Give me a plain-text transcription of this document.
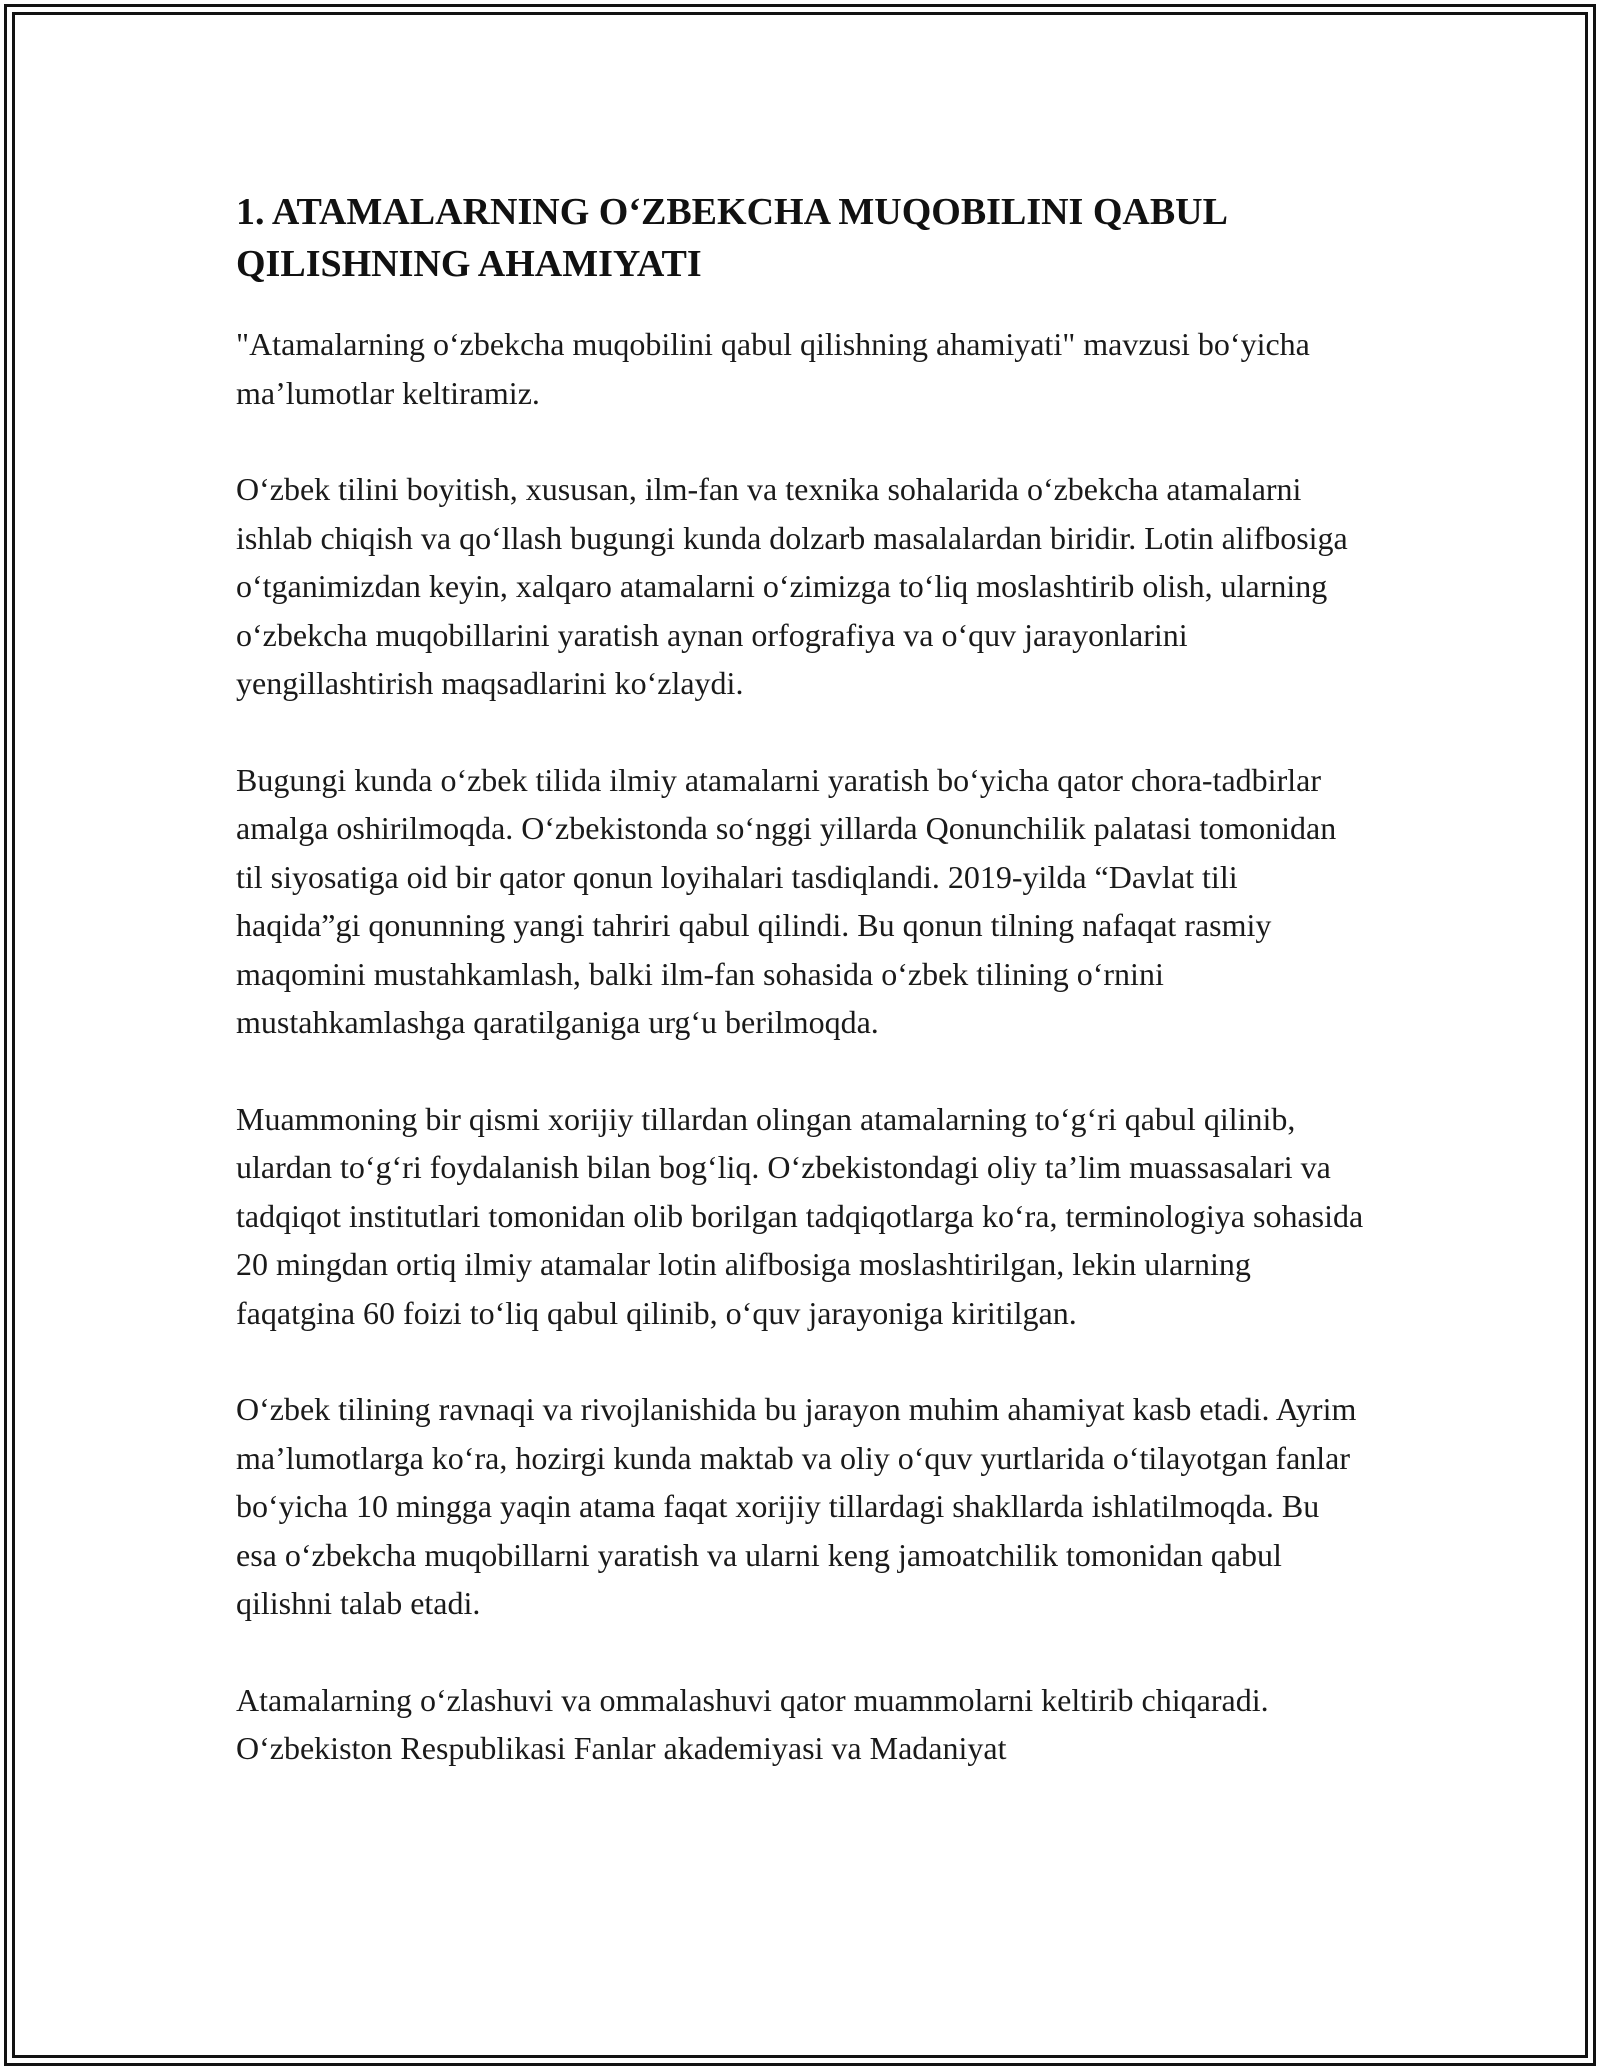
1. ATAMALARNING O‘ZBEKCHA MUQOBILINI QABUL QILISHNING AHAMIYATI

"Atamalarning o‘zbekcha muqobilini qabul qilishning ahamiyati" mavzusi bo‘yicha ma’lumotlar keltiramiz.

O‘zbek tilini boyitish, xususan, ilm-fan va texnika sohalarida o‘zbekcha atamalarni ishlab chiqish va qo‘llash bugungi kunda dolzarb masalalardan biridir. Lotin alifbosiga o‘tganimizdan keyin, xalqaro atamalarni o‘zimizga to‘liq moslashtirib olish, ularning o‘zbekcha muqobillarini yaratish aynan orfografiya va o‘quv jarayonlarini yengillashtirish maqsadlarini ko‘zlaydi.

Bugungi kunda o‘zbek tilida ilmiy atamalarni yaratish bo‘yicha qator chora-tadbirlar amalga oshirilmoqda. O‘zbekistonda so‘nggi yillarda Qonunchilik palatasi tomonidan til siyosatiga oid bir qator qonun loyihalari tasdiqlandi. 2019-yilda “Davlat tili haqida”gi qonunning yangi tahriri qabul qilindi. Bu qonun tilning nafaqat rasmiy maqomini mustahkamlash, balki ilm-fan sohasida o‘zbek tilining o‘rnini mustahkamlashga qaratilganiga urg‘u berilmoqda.

Muammoning bir qismi xorijiy tillardan olingan atamalarning to‘g‘ri qabul qilinib, ulardan to‘g‘ri foydalanish bilan bog‘liq. O‘zbekistondagi oliy ta’lim muassasalari va tadqiqot institutlari tomonidan olib borilgan tadqiqotlarga ko‘ra, terminologiya sohasida 20 mingdan ortiq ilmiy atamalar lotin alifbosiga moslashtirilgan, lekin ularning faqatgina 60 foizi to‘liq qabul qilinib, o‘quv jarayoniga kiritilgan.

O‘zbek tilining ravnaqi va rivojlanishida bu jarayon muhim ahamiyat kasb etadi. Ayrim ma’lumotlarga ko‘ra, hozirgi kunda maktab va oliy o‘quv yurtlarida o‘tilayotgan fanlar bo‘yicha 10 mingga yaqin atama faqat xorijiy tillardagi shakllarda ishlatilmoqda. Bu esa o‘zbekcha muqobillarni yaratish va ularni keng jamoatchilik tomonidan qabul qilishni talab etadi.

Atamalarning o‘zlashuvi va ommalashuvi qator muammolarni keltirib chiqaradi. O‘zbekiston Respublikasi Fanlar akademiyasi va Madaniyat
